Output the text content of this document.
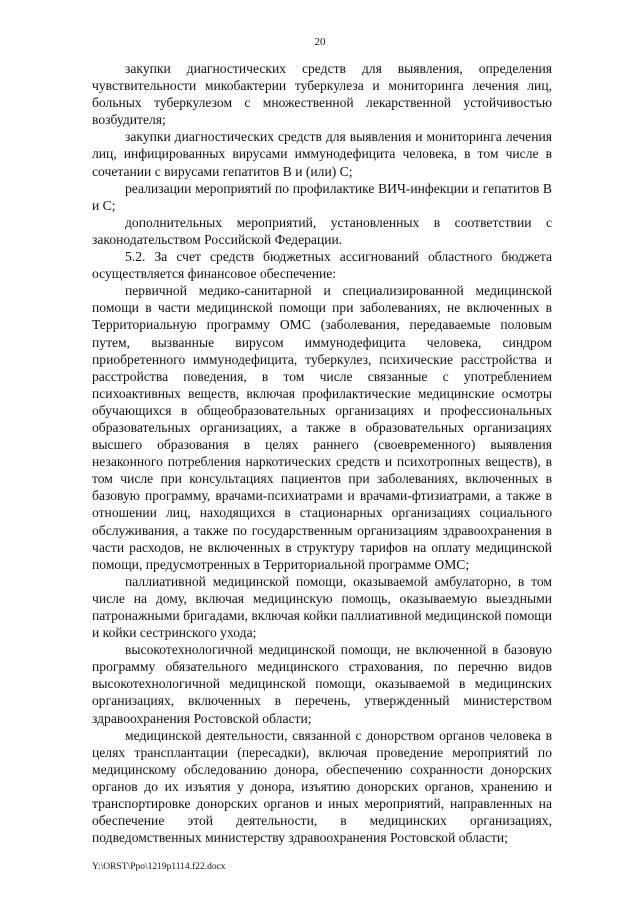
20

закупки диагностических средств для выявления, определения чувствительности микобактерии туберкулеза и мониторинга лечения лиц, больных туберкулезом с множественной лекарственной устойчивостью возбудителя;

закупки диагностических средств для выявления и мониторинга лечения лиц, инфицированных вирусами иммунодефицита человека, в том числе в сочетании с вирусами гепатитов В и (или) С;

реализации мероприятий по профилактике ВИЧ-инфекции и гепатитов В и С;

дополнительных мероприятий, установленных в соответствии с законодательством Российской Федерации.

5.2. За счет средств бюджетных ассигнований областного бюджета осуществляется финансовое обеспечение:

первичной медико-санитарной и специализированной медицинской помощи в части медицинской помощи при заболеваниях, не включенных в Территориальную программу ОМС (заболевания, передаваемые половым путем, вызванные вирусом иммунодефицита человека, синдром приобретенного иммунодефицита, туберкулез, психические расстройства и расстройства поведения, в том числе связанные с употреблением психоактивных веществ, включая профилактические медицинские осмотры обучающихся в общеобразовательных организациях и профессиональных образовательных организациях, а также в образовательных организациях высшего образования в целях раннего (своевременного) выявления незаконного потребления наркотических средств и психотропных веществ), в том числе при консультациях пациентов при заболеваниях, включенных в базовую программу, врачами-психиатрами и врачами-фтизиатрами, а также в отношении лиц, находящихся в стационарных организациях социального обслуживания, а также по государственным организациям здравоохранения в части расходов, не включенных в структуру тарифов на оплату медицинской помощи, предусмотренных в Территориальной программе ОМС;

паллиативной медицинской помощи, оказываемой амбулаторно, в том числе на дому, включая медицинскую помощь, оказываемую выездными патронажными бригадами, включая койки паллиативной медицинской помощи и койки сестринского ухода;

высокотехнологичной медицинской помощи, не включенной в базовую программу обязательного медицинского страхования, по перечню видов высокотехнологичной медицинской помощи, оказываемой в медицинских организациях, включенных в перечень, утвержденный министерством здравоохранения Ростовской области;

медицинской деятельности, связанной с донорством органов человека в целях трансплантации (пересадки), включая проведение мероприятий по медицинскому обследованию донора, обеспечению сохранности донорских органов до их изъятия у донора, изъятию донорских органов, хранению и транспортировке донорских органов и иных мероприятий, направленных на обеспечение этой деятельности, в медицинских организациях, подведомственных министерству здравоохранения Ростовской области;

Y:\ORST\Ppo\1219p1114.f22.docx
